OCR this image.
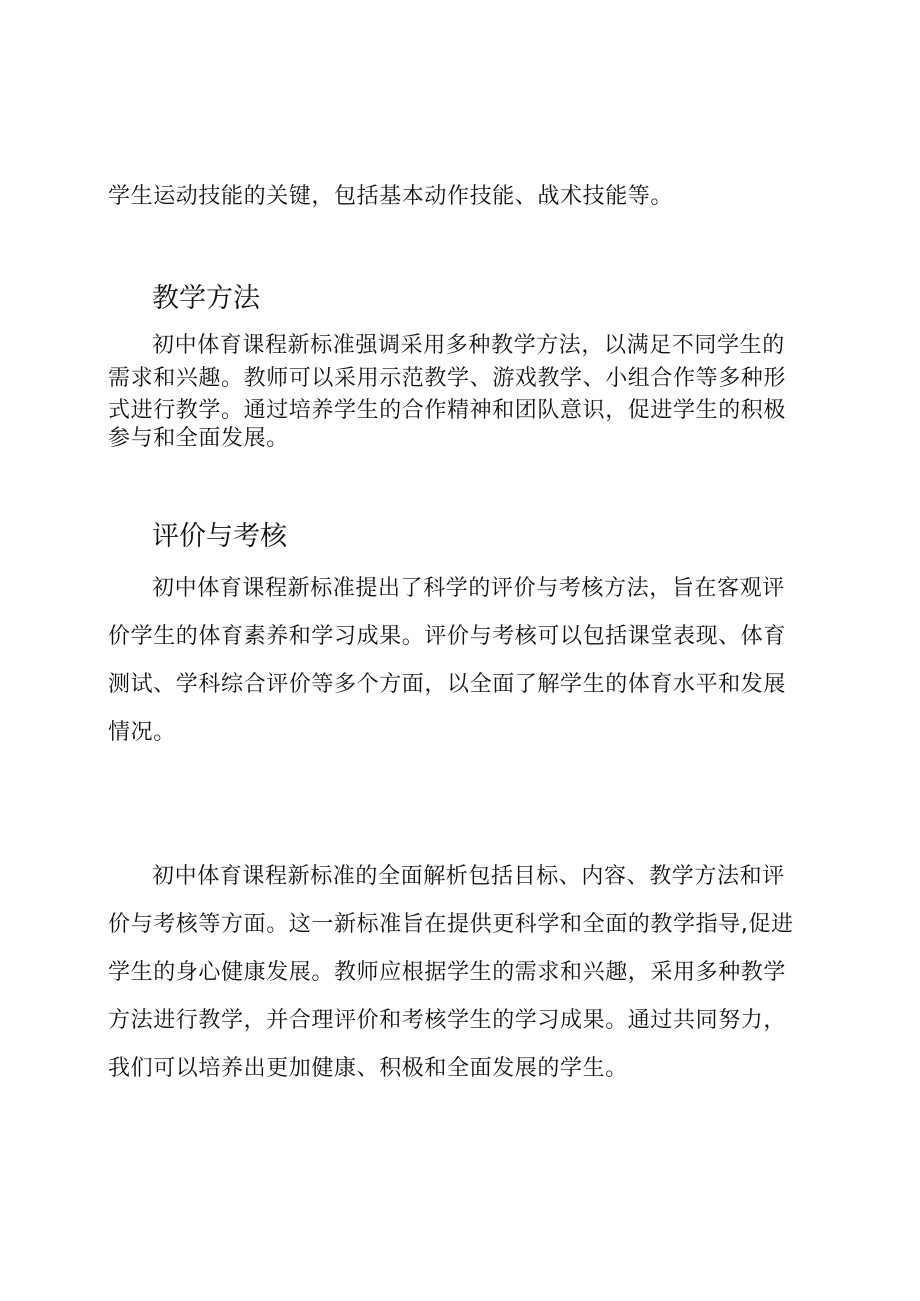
学生运动技能的关键，包括基本动作技能、战术技能等。
教学方法
初中体育课程新标准强调采用多种教学方法，以满足不同学生的
需求和兴趣。教师可以采用示范教学、游戏教学、小组合作等多种形
式进行教学。通过培养学生的合作精神和团队意识，促进学生的积极
参与和全面发展。
评价与考核
初中体育课程新标准提出了科学的评价与考核方法，旨在客观评
价学生的体育素养和学习成果。评价与考核可以包括课堂表现、体育
测试、学科综合评价等多个方面，以全面了解学生的体育水平和发展
情况。
初中体育课程新标准的全面解析包括目标、内容、教学方法和评
价与考核等方面。这一新标准旨在提供更科学和全面的教学指导,促进
学生的身心健康发展。教师应根据学生的需求和兴趣，采用多种教学
方法进行教学，并合理评价和考核学生的学习成果。通过共同努力，
我们可以培养出更加健康、积极和全面发展的学生。
